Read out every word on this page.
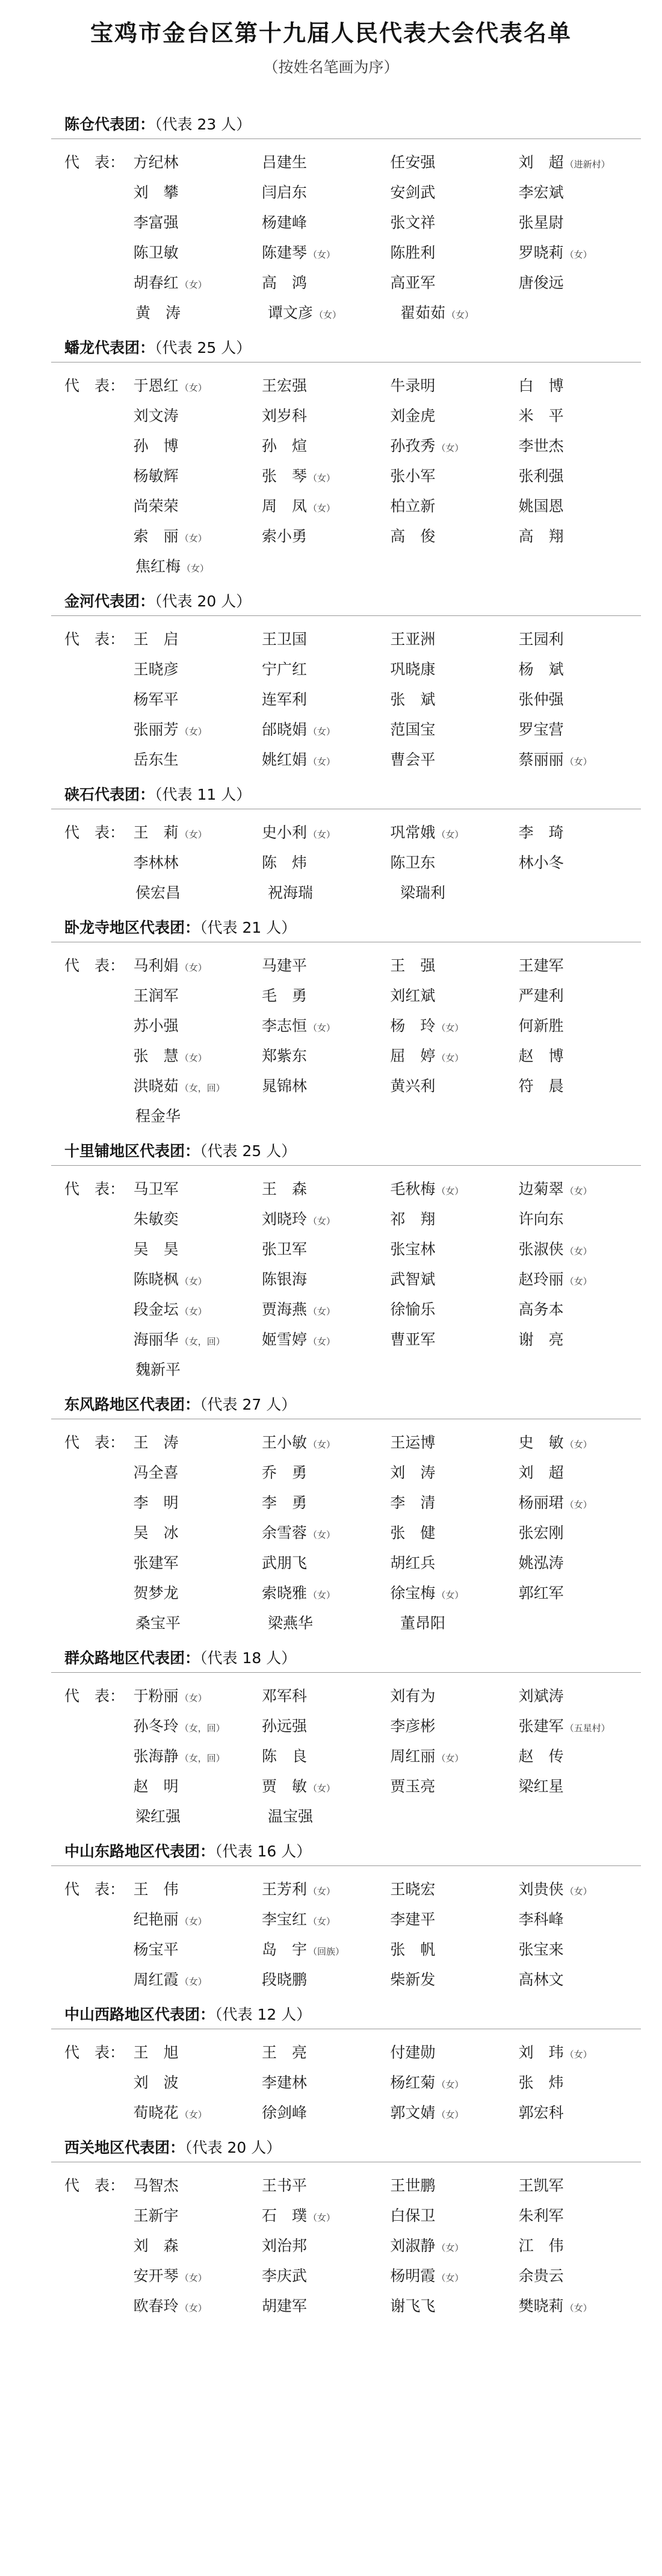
宝鸡市金台区第十九届人民代表大会代表名单
（按姓名笔画为序）
陈仓代表团：（代表 23 人）
代　表： 方纪林	吕建生	任安强	刘　超 （进新村）
刘　攀	闫启东	安剑武	李宏斌
李富强	杨建峰	张文祥	张星尉
陈卫敏	陈建琴 （女）	陈胜利	罗晓莉 （女）
胡春红 （女）	高　鸿	高亚军	唐俊远
黄　涛	谭文彦 （女）	翟茹茹 （女）
蟠龙代表团：（代表 25 人）
代　表： 于恩红 （女）	王宏强	牛录明	白　博
刘文涛	刘岁科	刘金虎	米　平
孙　博	孙　煊	孙孜秀 （女）	李世杰
杨敏辉	张　琴 （女）	张小军	张利强
尚荣荣	周　凤 （女）	柏立新	姚国恩
索　丽 （女）	索小勇	高　俊	高　翔
焦红梅 （女）
金河代表团：（代表 20 人）
代　表： 王　启	王卫国	王亚洲	王园利
王晓彦	宁广红	巩晓康	杨　斌
杨军平	连军利	张　斌	张仲强
张丽芳 （女）	邰晓娟 （女）	范国宝	罗宝营
岳东生	姚红娟 （女）	曹会平	蔡丽丽 （女）
硖石代表团：（代表 11 人）
代　表： 王　莉 （女）	史小利 （女）	巩常娥 （女）	李　琦
李林林	陈　炜	陈卫东	林小冬
侯宏昌	祝海瑞	梁瑞利
卧龙寺地区代表团：（代表 21 人）
代　表： 马利娟 （女）	马建平	王　强	王建军
王润军	毛　勇	刘红斌	严建利
苏小强	李志恒 （女）	杨　玲 （女）	何新胜
张　慧 （女）	郑紫东	屈　婷 （女）	赵　博
洪晓茹 （女，回）	晁锦林	黄兴利	符　晨
程金华
十里铺地区代表团：（代表 25 人）
代　表： 马卫军	王　森	毛秋梅 （女）	边菊翠 （女）
朱敏奕	刘晓玲 （女）	祁　翔	许向东
吴　昊	张卫军	张宝林	张淑侠 （女）
陈晓枫 （女）	陈银海	武智斌	赵玲丽 （女）
段金坛 （女）	贾海燕 （女）	徐愉乐	高务本
海丽华 （女，回）	姬雪婷 （女）	曹亚军	谢　亮
魏新平
东风路地区代表团：（代表 27 人）
代　表： 王　涛	王小敏 （女）	王运博	史　敏 （女）
冯全喜	乔　勇	刘　涛	刘　超
李　明	李　勇	李　清	杨丽珺 （女）
吴　冰	余雪蓉 （女）	张　健	张宏刚
张建军	武朋飞	胡红兵	姚泓涛
贺梦龙	索晓雅 （女）	徐宝梅 （女）	郭红军
桑宝平	梁燕华	董昂阳
群众路地区代表团：（代表 18 人）
代　表： 于粉丽 （女）	邓军科	刘有为	刘斌涛
孙冬玲 （女，回）	孙远强	李彦彬	张建军 （五星村）
张海静 （女，回）	陈　良	周红丽 （女）	赵　传
赵　明	贾　敏 （女）	贾玉亮	梁红星
梁红强	温宝强
中山东路地区代表团：（代表 16 人）
代　表： 王　伟	王芳利 （女）	王晓宏	刘贵侠 （女）
纪艳丽 （女）	李宝红 （女）	李建平	李科峰
杨宝平	岛　宇 （回族）	张　帆	张宝来
周红霞 （女）	段晓鹏	柴新发	高林文
中山西路地区代表团：（代表 12 人）
代　表： 王　旭	王　亮	付建勋	刘　玮 （女）
刘　波	李建林	杨红菊 （女）	张　炜
荀晓花 （女）	徐剑峰	郭文婧 （女）	郭宏科
西关地区代表团：（代表 20 人）
代　表： 马智杰	王书平	王世鹏	王凯军
王新宇	石　璞 （女）	白保卫	朱利军
刘　森	刘治邦	刘淑静 （女）	江　伟
安开琴 （女）	李庆武	杨明霞 （女）	余贵云
欧春玲 （女）	胡建军	谢飞飞	樊晓莉 （女）
